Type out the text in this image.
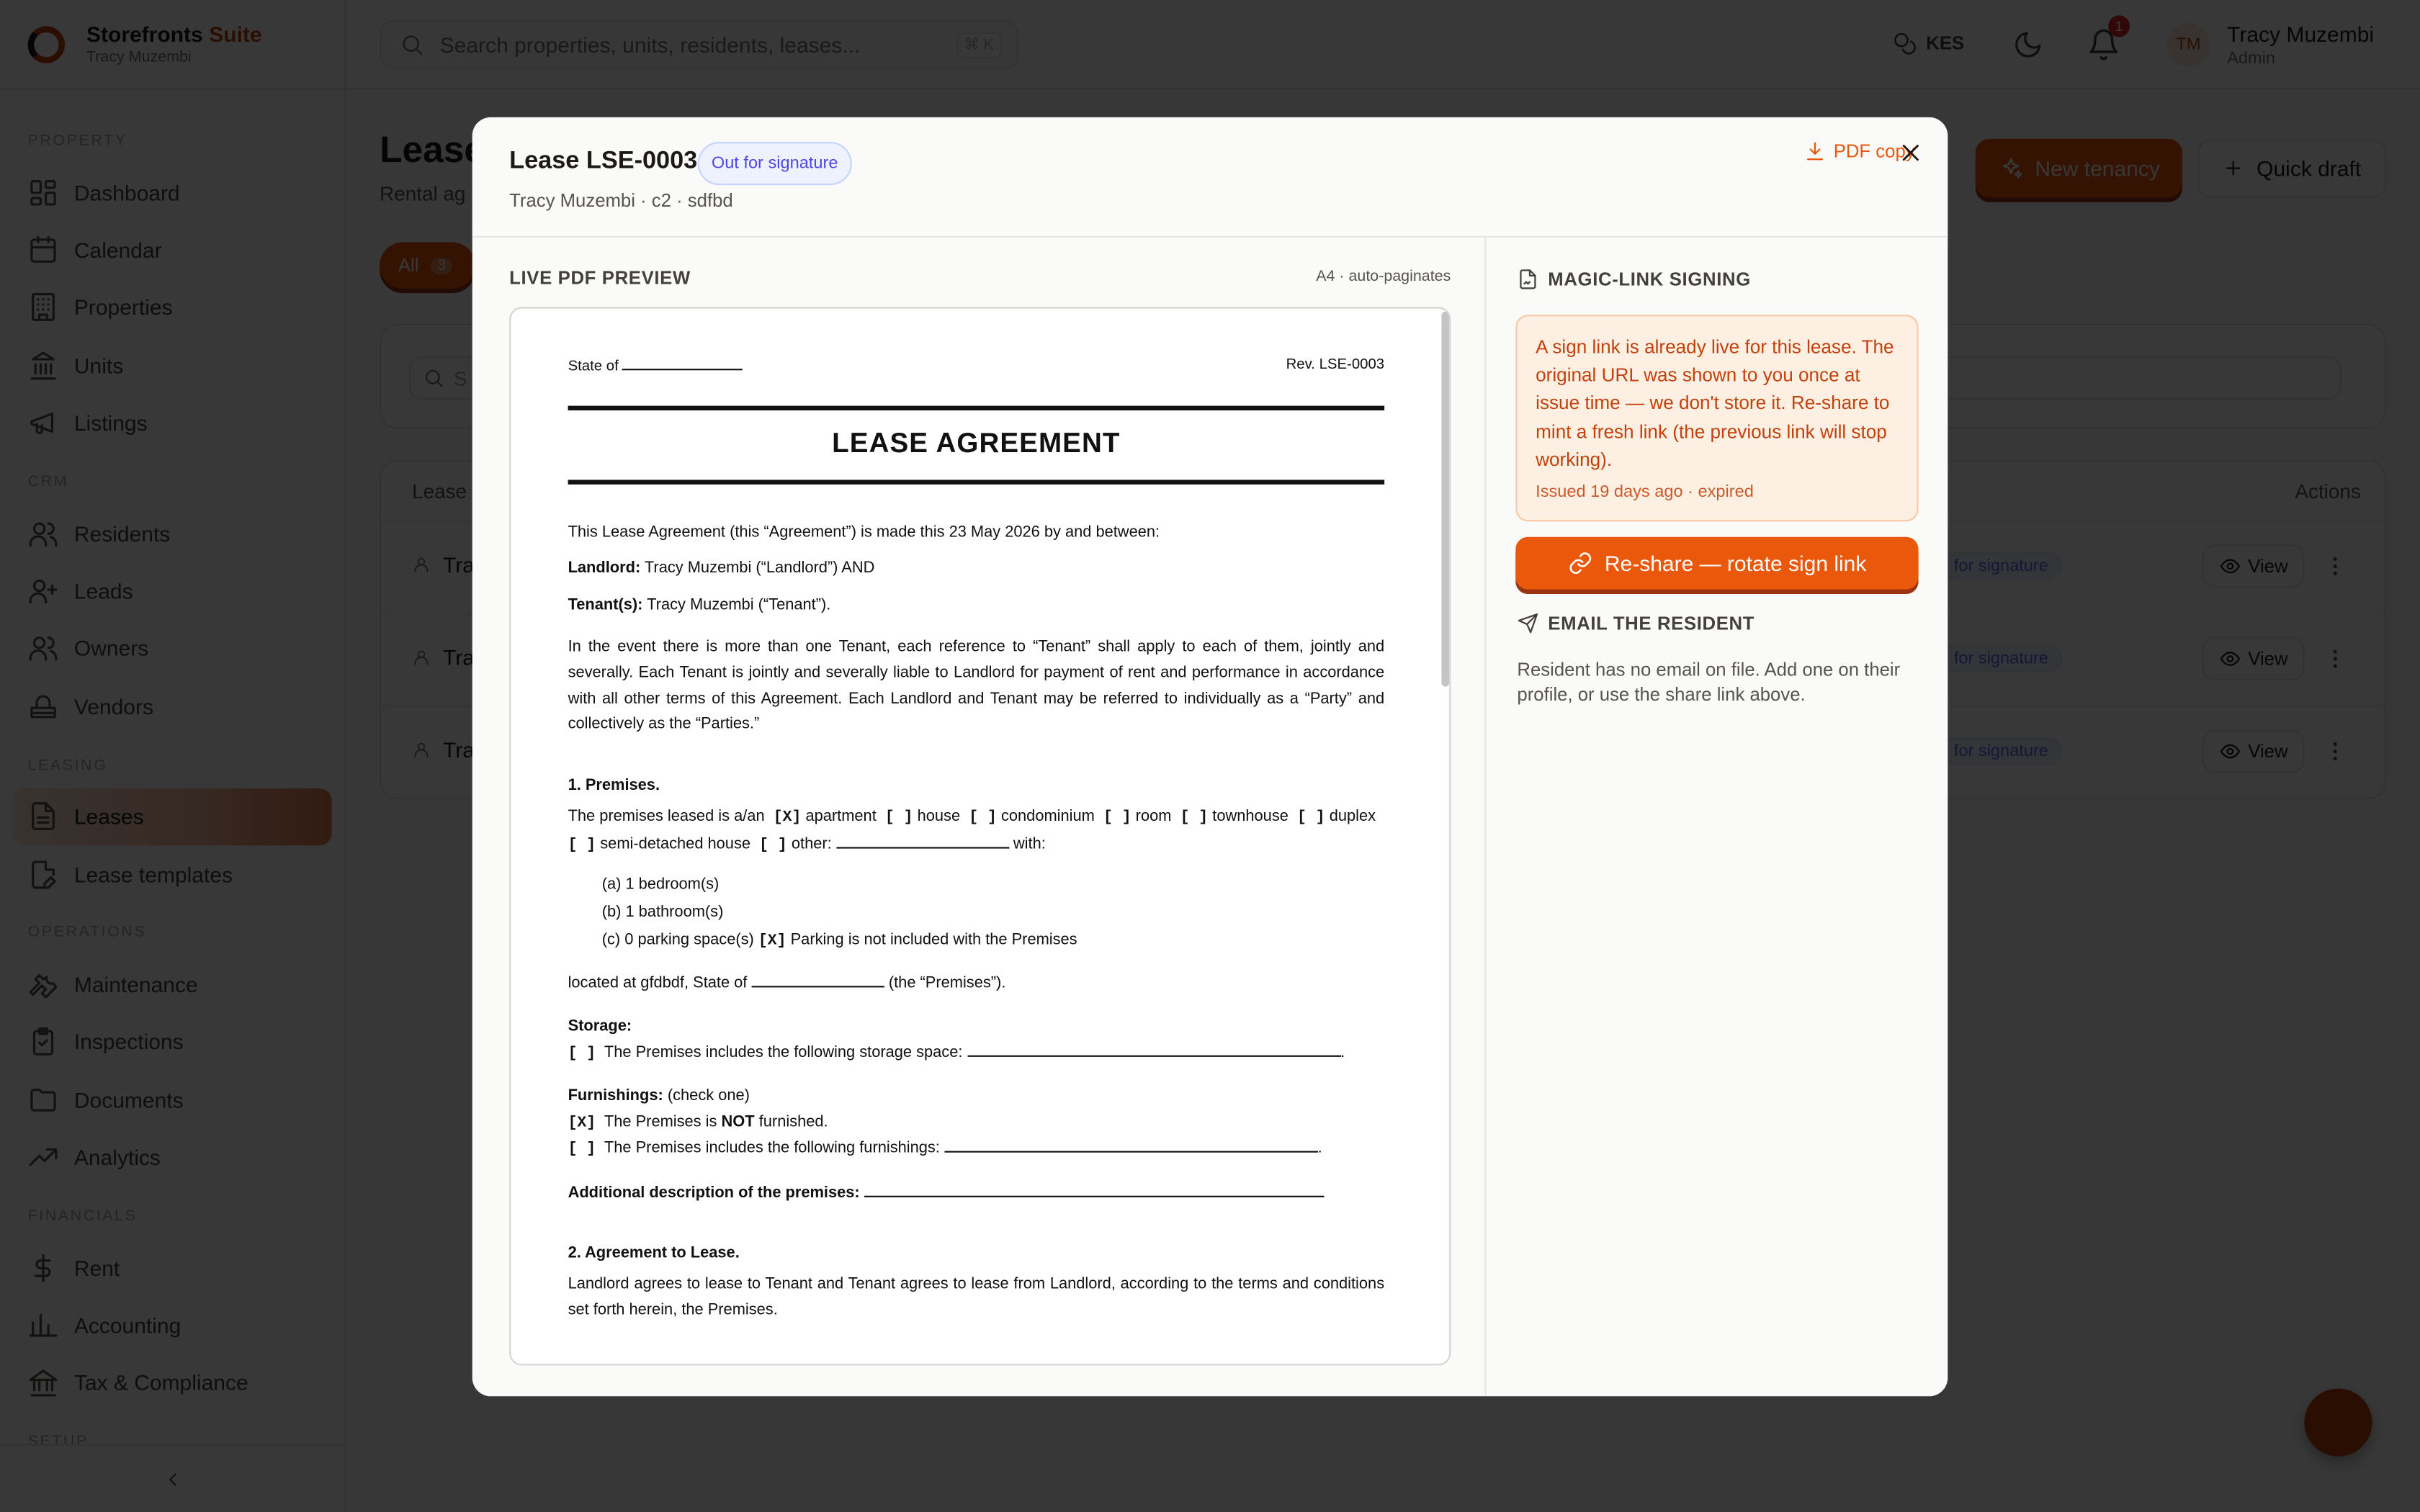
Lease LSE-0003	Out for signature
Tracy Muzembi · c2 · sdfbd
PDF copy
LIVE PDF PREVIEW	A4 · auto-paginates
State of	Rev. LSE-0003
LEASE AGREEMENT
This Lease Agreement (this “Agreement”) is made this 23 May 2026 by and between:
Landlord: Tracy Muzembi (“Landlord”) AND
Tenant(s): Tracy Muzembi (“Tenant”).
In the event there is more than one Tenant, each reference to “Tenant” shall apply to each of them, jointly and severally. Each Tenant is jointly and severally liable to Landlord for payment of rent and performance in accordance with all other terms of this Agreement. Each Landlord and Tenant may be referred to individually as a “Party” and collectively as the “Parties.”
1. Premises.
The premises leased is a/an [X] apartment [ ] house [ ] condominium [ ] room [ ] townhouse [ ] duplex
[ ] semi-detached house [ ] other:	with:
(a) 1 bedroom(s)
(b) 1 bathroom(s)
(c) 0 parking space(s) [X] Parking is not included with the Premises
located at gfdbdf, State of	(the “Premises”).
Storage:
[ ] The Premises includes the following storage space:	.
Furnishings: (check one)
[X] The Premises is NOT furnished.
[ ] The Premises includes the following furnishings:	.
Additional description of the premises:
2. Agreement to Lease.
Landlord agrees to lease to Tenant and Tenant agrees to lease from Landlord, according to the terms and conditions set forth herein, the Premises.
MAGIC-LINK SIGNING
A sign link is already live for this lease. The original URL was shown to you once at issue time — we don't store it. Re-share to mint a fresh link (the previous link will stop working).
Issued 19 days ago · expired
Re-share — rotate sign link
EMAIL THE RESIDENT
Resident has no email on file. Add one on their profile, or use the share link above.
